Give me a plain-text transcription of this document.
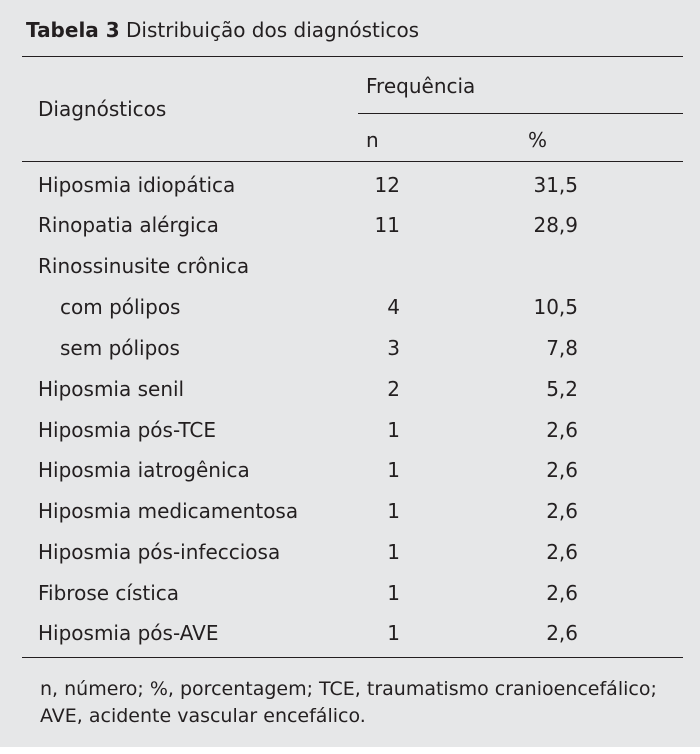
Tabela 3 Distribuição dos diagnósticos
Diagnósticos
Frequência
n	%
Hiposmia idiopática	12	31,5
Rinopatia alérgica	11	28,9
Rinossinusite crônica
com pólipos	4	10,5
sem pólipos	3	7,8
Hiposmia senil	2	5,2
Hiposmia pós-TCE	1	2,6
Hiposmia iatrogênica	1	2,6
Hiposmia medicamentosa	1	2,6
Hiposmia pós-infecciosa	1	2,6
Fibrose cística	1	2,6
Hiposmia pós-AVE	1	2,6
n, número; %, porcentagem; TCE, traumatismo cranioencefálico; AVE, acidente vascular encefálico.
